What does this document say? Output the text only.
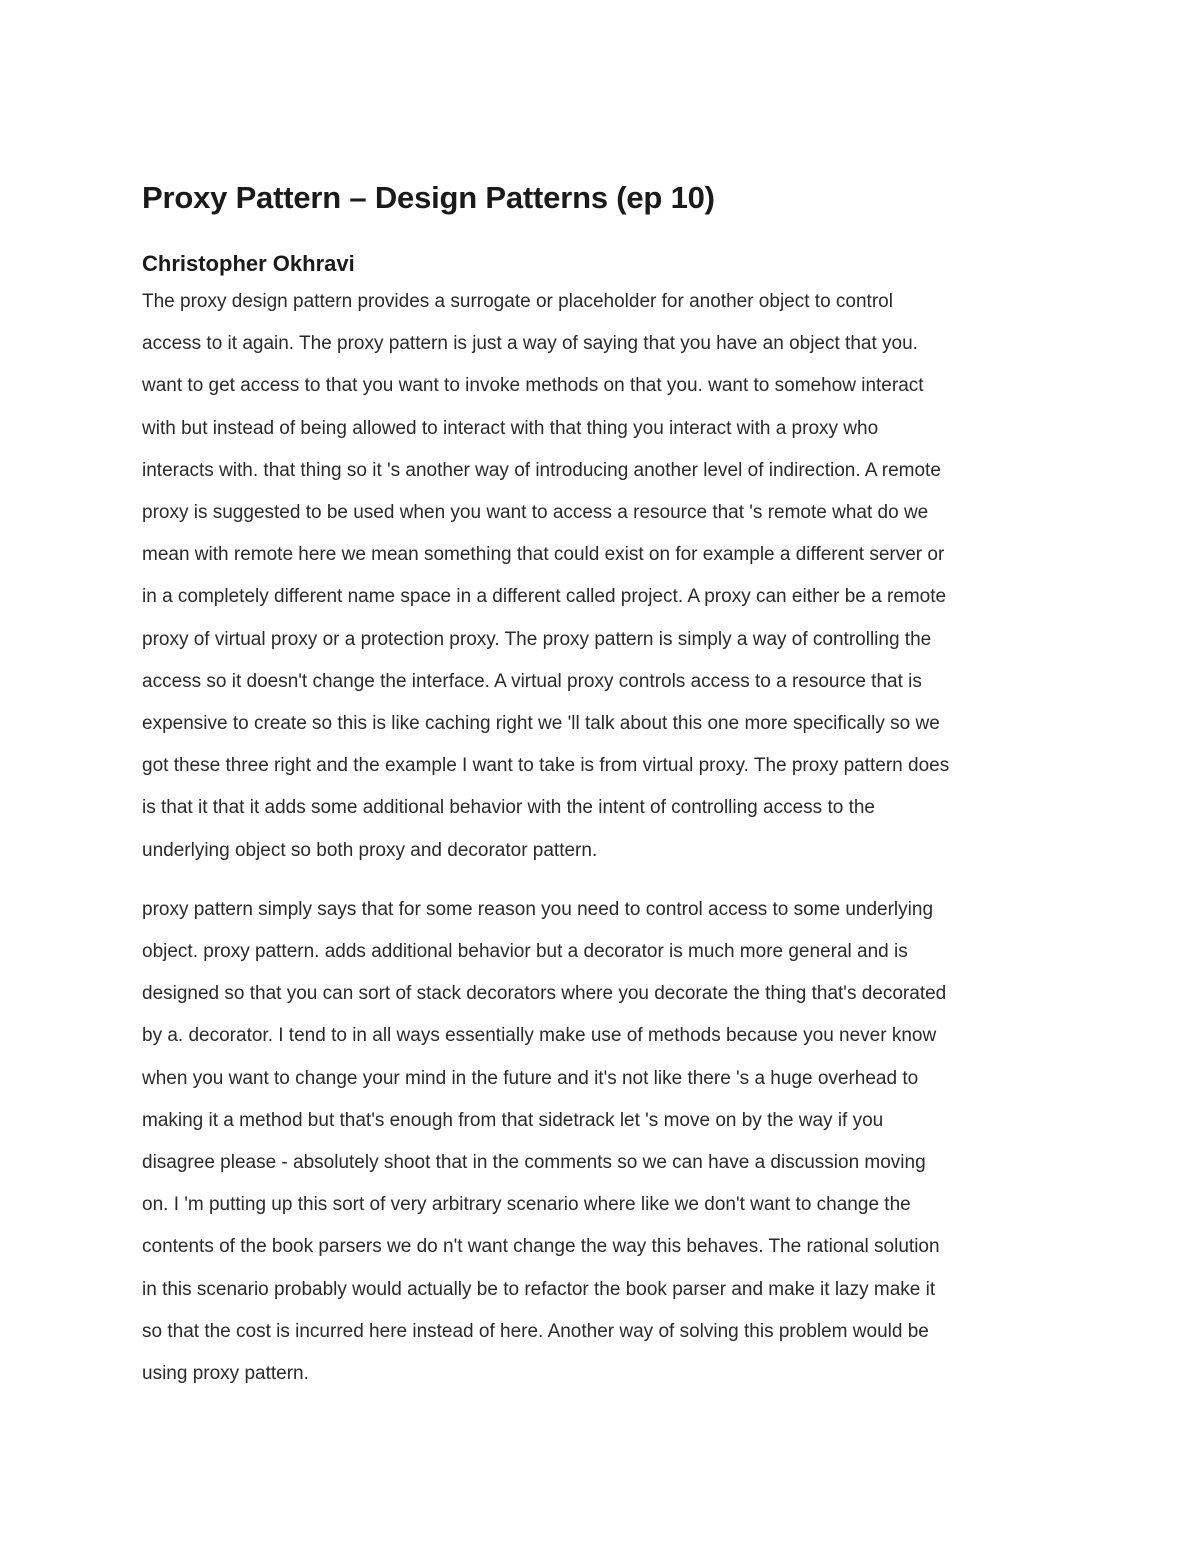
Proxy Pattern – Design Patterns (ep 10)
Christopher Okhravi

The proxy design pattern provides a surrogate or placeholder for another object to control
access to it again. The proxy pattern is just a way of saying that you have an object that you.
want to get access to that you want to invoke methods on that you. want to somehow interact
with but instead of being allowed to interact with that thing you interact with a proxy who
interacts with. that thing so it 's another way of introducing another level of indirection. A remote
proxy is suggested to be used when you want to access a resource that 's remote what do we
mean with remote here we mean something that could exist on for example a different server or
in a completely different name space in a different called project. A proxy can either be a remote
proxy of virtual proxy or a protection proxy. The proxy pattern is simply a way of controlling the
access so it doesn't change the interface. A virtual proxy controls access to a resource that is
expensive to create so this is like caching right we 'll talk about this one more specifically so we
got these three right and the example I want to take is from virtual proxy. The proxy pattern does
is that it that it adds some additional behavior with the intent of controlling access to the
underlying object so both proxy and decorator pattern.

proxy pattern simply says that for some reason you need to control access to some underlying
object. proxy pattern. adds additional behavior but a decorator is much more general and is
designed so that you can sort of stack decorators where you decorate the thing that's decorated
by a. decorator. I tend to in all ways essentially make use of methods because you never know
when you want to change your mind in the future and it's not like there 's a huge overhead to
making it a method but that's enough from that sidetrack let 's move on by the way if you
disagree please - absolutely shoot that in the comments so we can have a discussion moving
on. I 'm putting up this sort of very arbitrary scenario where like we don't want to change the
contents of the book parsers we do n't want change the way this behaves. The rational solution
in this scenario probably would actually be to refactor the book parser and make it lazy make it
so that the cost is incurred here instead of here. Another way of solving this problem would be
using proxy pattern.
